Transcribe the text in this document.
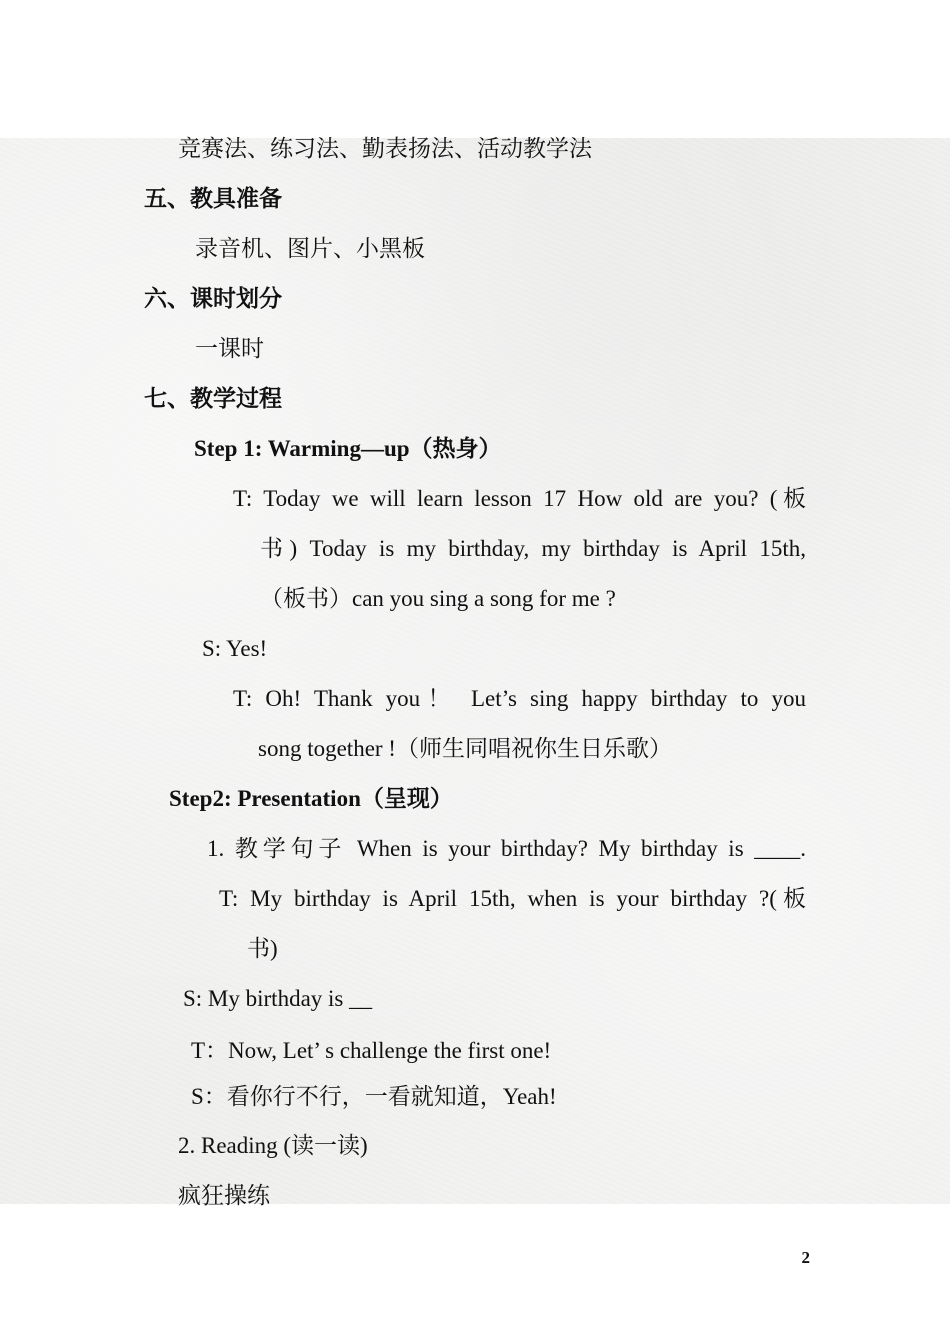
竞赛法、练习法、勤表扬法、活动教学法
五、教具准备
录音机、图片、小黑板
六、课时划分
一课时
七、教学过程
Step 1: Warming—up（热身）
T: Today we will learn lesson 17 How old are you? (板
书) Today is my birthday, my birthday is April 15th,
（板书）can you sing a song for me ?
S: Yes!
T: Oh! Thank you！ Let’s sing happy birthday to you
song together !（师生同唱祝你生日乐歌）
Step2: Presentation（呈现）
1. 教学句子 When is your birthday? My birthday is ____.
T: My birthday is April 15th, when is your birthday ?(板
书)
S: My birthday is __
T：Now, Let’ s challenge the first one!
S：看你行不行，一看就知道，Yeah!
2. Reading (读一读)
疯狂操练
2
